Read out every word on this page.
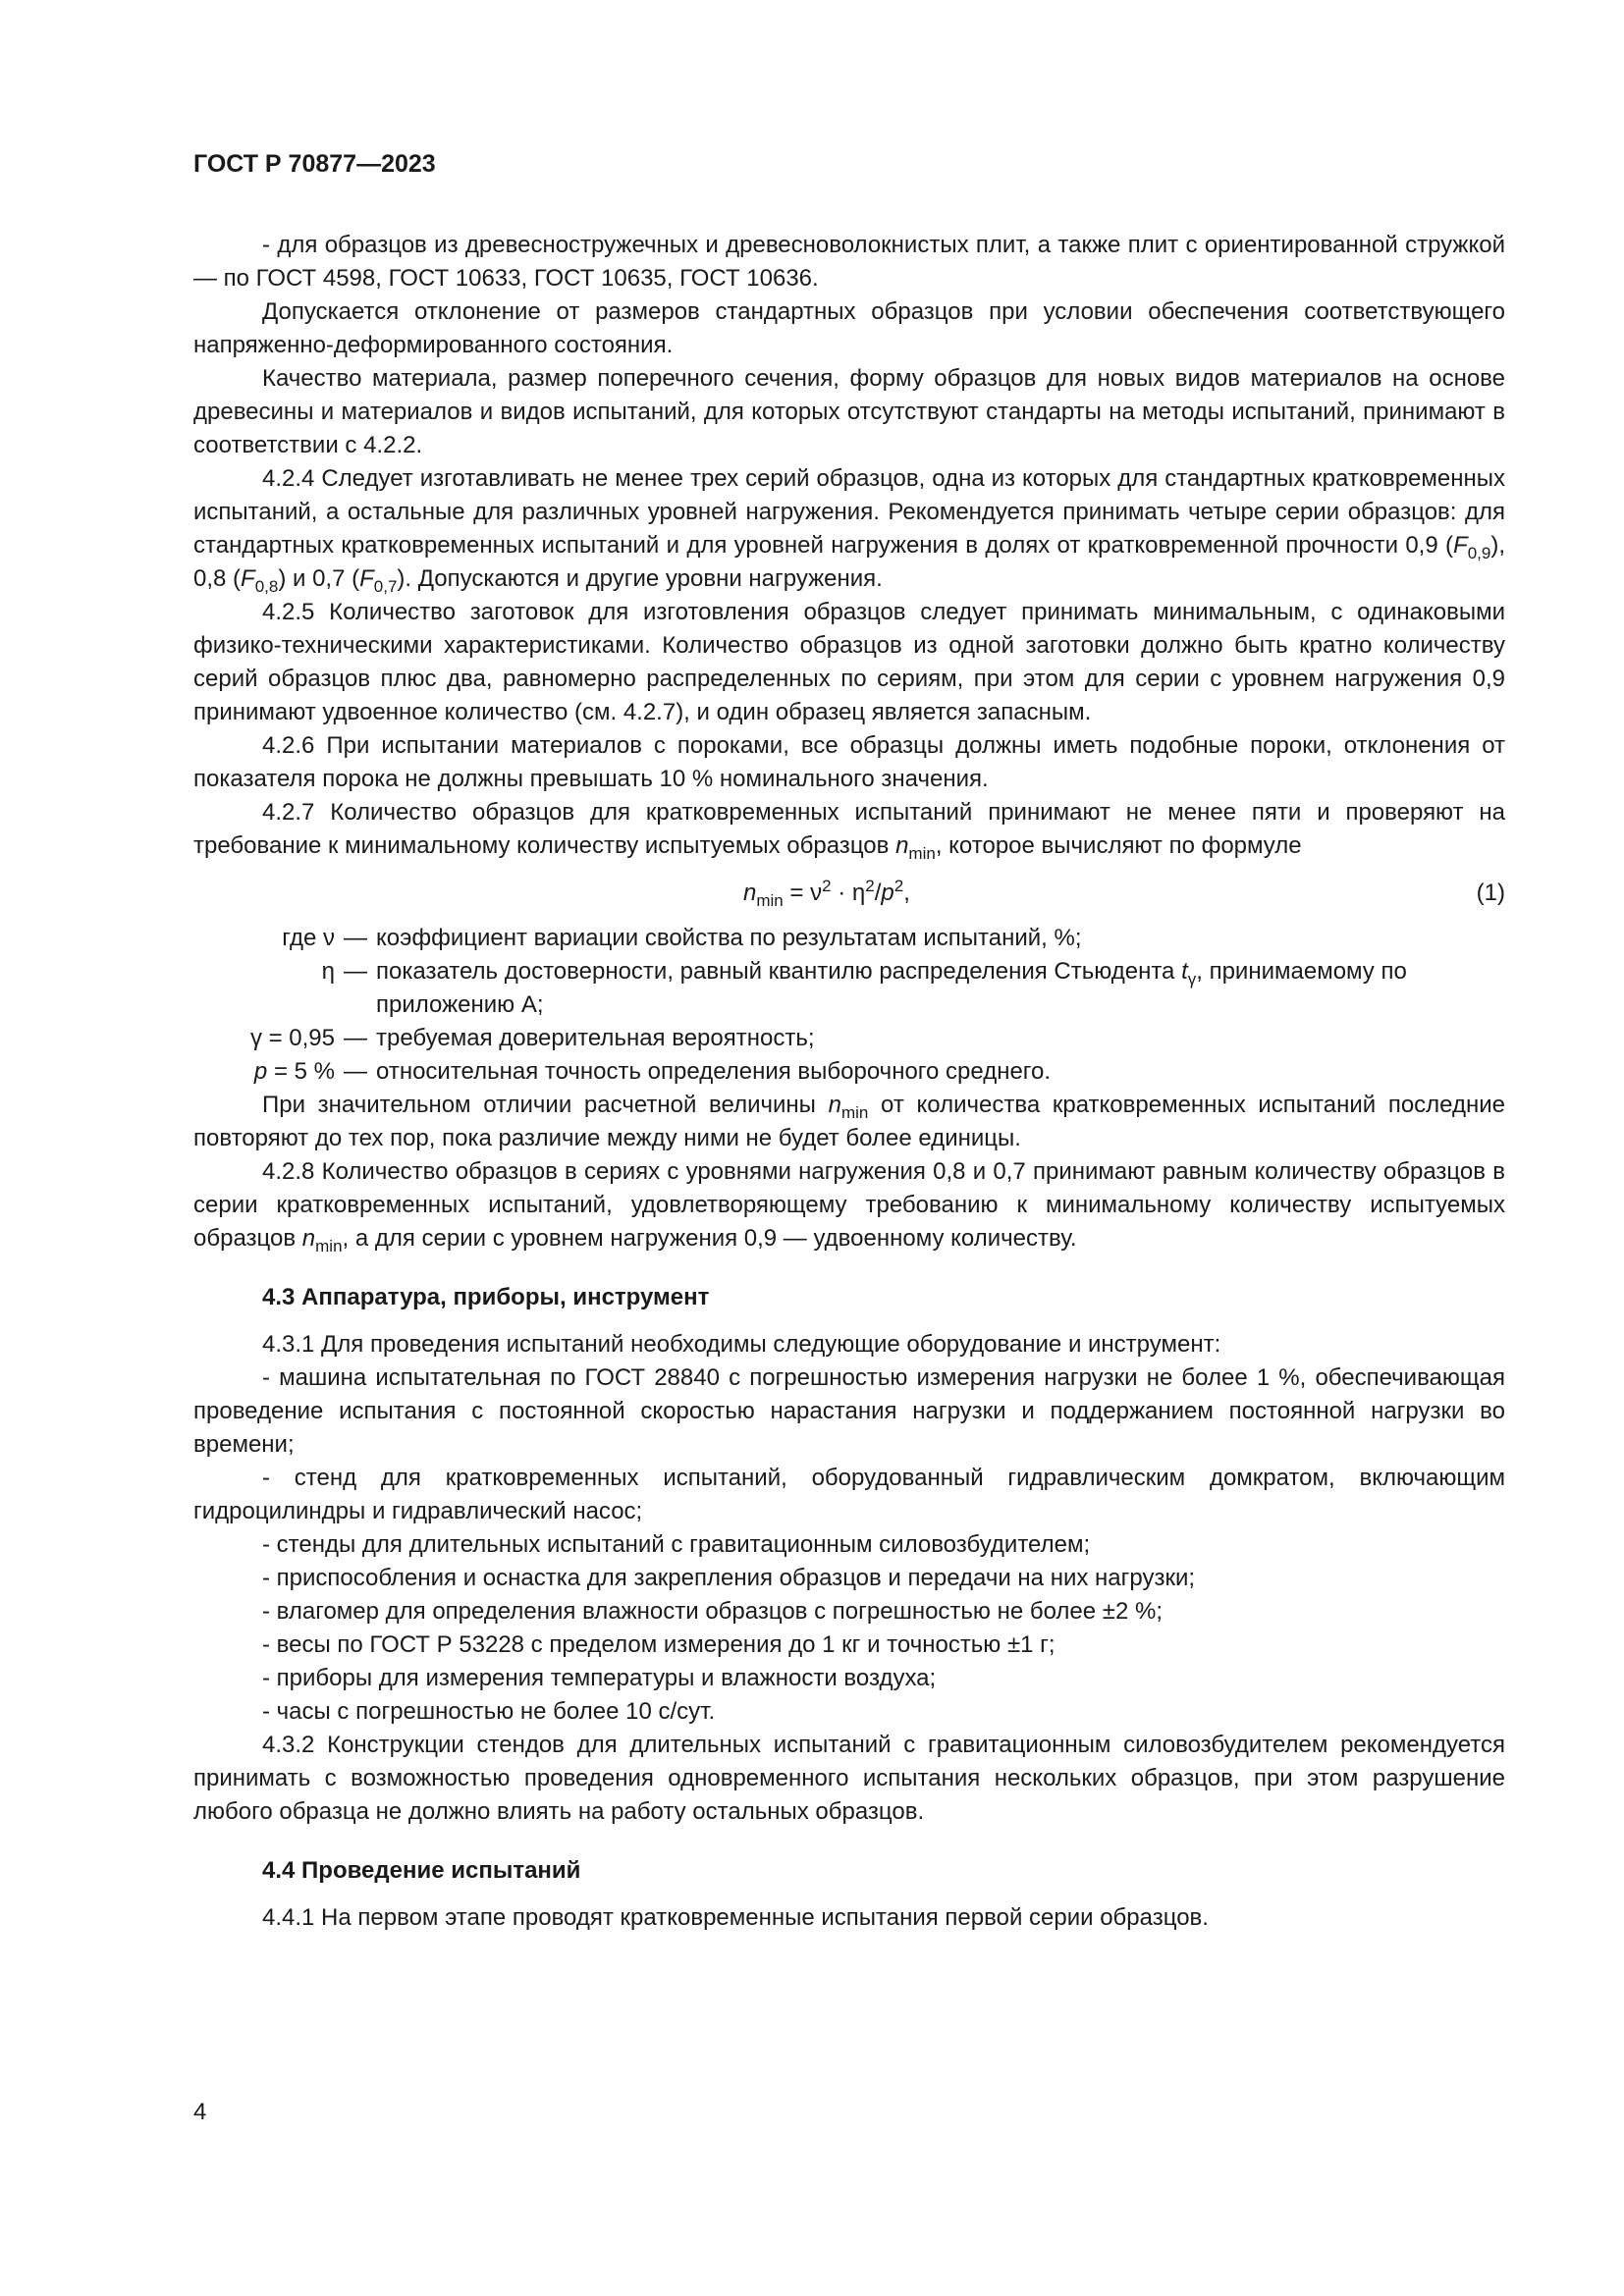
ГОСТ Р 70877—2023

- для образцов из древесностружечных и древесноволокнистых плит, а также плит с ориентированной стружкой — по ГОСТ 4598, ГОСТ 10633, ГОСТ 10635, ГОСТ 10636.

Допускается отклонение от размеров стандартных образцов при условии обеспечения соответствующего напряженно-деформированного состояния.

Качество материала, размер поперечного сечения, форму образцов для новых видов материалов на основе древесины и материалов и видов испытаний, для которых отсутствуют стандарты на методы испытаний, принимают в соответствии с 4.2.2.

4.2.4 Следует изготавливать не менее трех серий образцов, одна из которых для стандартных кратковременных испытаний, а остальные для различных уровней нагружения. Рекомендуется принимать четыре серии образцов: для стандартных кратковременных испытаний и для уровней нагружения в долях от кратковременной прочности 0,9 $(F_{0,9})$, 0,8 $(F_{0,8})$ и 0,7 $(F_{0,7})$. Допускаются и другие уровни нагружения.

4.2.5 Количество заготовок для изготовления образцов следует принимать минимальным, с одинаковыми физико-техническими характеристиками. Количество образцов из одной заготовки должно быть кратно количеству серий образцов плюс два, равномерно распределенных по сериям, при этом для серии с уровнем нагружения 0,9 принимают удвоенное количество (см. 4.2.7), и один образец является запасным.

4.2.6 При испытании материалов с пороками, все образцы должны иметь подобные пороки, отклонения от показателя порока не должны превышать 10 % номинального значения.

4.2.7 Количество образцов для кратковременных испытаний принимают не менее пяти и проверяют на требование к минимальному количеству испытуемых образцов $n_{min}$, которое вычисляют по формуле

$n_{min} = \nu^2 \cdot \eta^2/p^2$,	(1)
где ν — коэффициент вариации свойства по результатам испытаний, %;
η — показатель достоверности, равный квантилю распределения Стьюдента $t_\gamma$, принимаемому по приложению А;
γ = 0,95 — требуемая доверительная вероятность;
p = 5 % — относительная точность определения выборочного среднего.

При значительном отличии расчетной величины $n_{min}$ от количества кратковременных испытаний последние повторяют до тех пор, пока различие между ними не будет более единицы.

4.2.8 Количество образцов в сериях с уровнями нагружения 0,8 и 0,7 принимают равным количеству образцов в серии кратковременных испытаний, удовлетворяющему требованию к минимальному количеству испытуемых образцов $n_{min}$, а для серии с уровнем нагружения 0,9 — удвоенному количеству.

4.3 Аппаратура, приборы, инструмент

4.3.1 Для проведения испытаний необходимы следующие оборудование и инструмент:

- машина испытательная по ГОСТ 28840 с погрешностью измерения нагрузки не более 1 %, обеспечивающая проведение испытания с постоянной скоростью нарастания нагрузки и поддержанием постоянной нагрузки во времени;

- стенд для кратковременных испытаний, оборудованный гидравлическим домкратом, включающим гидроцилиндры и гидравлический насос;

- стенды для длительных испытаний с гравитационным силовозбудителем;

- приспособления и оснастка для закрепления образцов и передачи на них нагрузки;

- влагомер для определения влажности образцов с погрешностью не более ±2 %;

- весы по ГОСТ Р 53228 с пределом измерения до 1 кг и точностью ±1 г;

- приборы для измерения температуры и влажности воздуха;

- часы с погрешностью не более 10 с/сут.

4.3.2 Конструкции стендов для длительных испытаний с гравитационным силовозбудителем рекомендуется принимать с возможностью проведения одновременного испытания нескольких образцов, при этом разрушение любого образца не должно влиять на работу остальных образцов.

4.4 Проведение испытаний

4.4.1 На первом этапе проводят кратковременные испытания первой серии образцов.

4
